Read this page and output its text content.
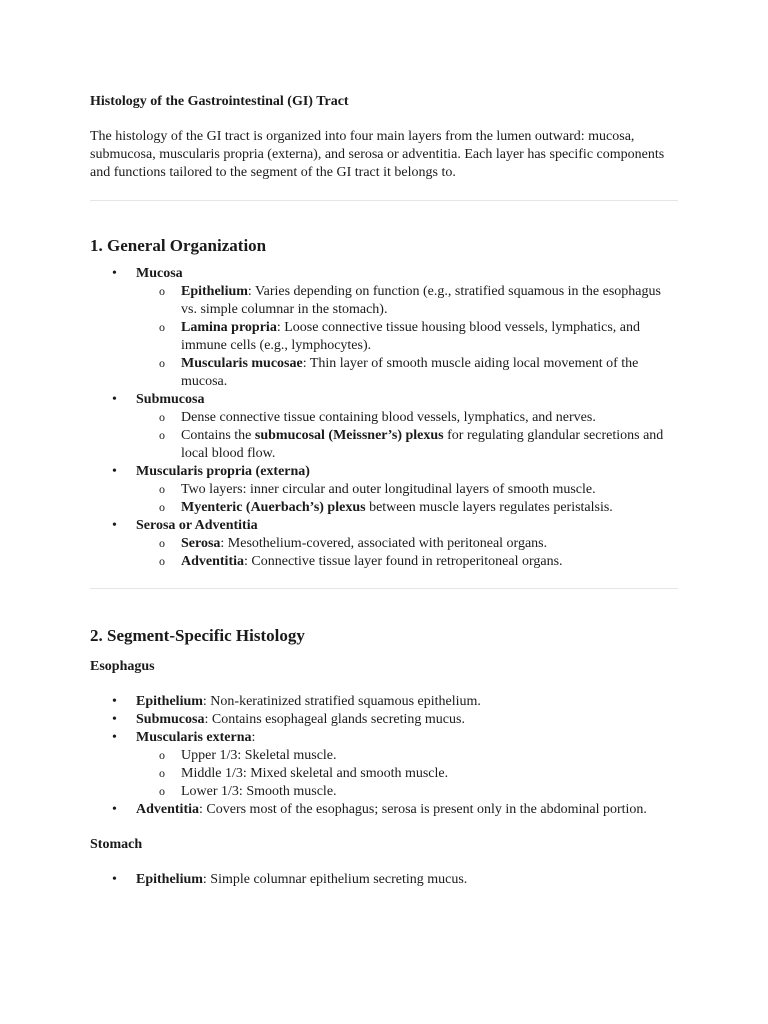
Histology of the Gastrointestinal (GI) Tract

The histology of the GI tract is organized into four main layers from the lumen outward: mucosa, submucosa, muscularis propria (externa), and serosa or adventitia. Each layer has specific components and functions tailored to the segment of the GI tract it belongs to.

1. General Organization
• Mucosa
o Epithelium: Varies depending on function (e.g., stratified squamous in the esophagus vs. simple columnar in the stomach).
o Lamina propria: Loose connective tissue housing blood vessels, lymphatics, and immune cells (e.g., lymphocytes).
o Muscularis mucosae: Thin layer of smooth muscle aiding local movement of the mucosa.
• Submucosa
o Dense connective tissue containing blood vessels, lymphatics, and nerves.
o Contains the submucosal (Meissner’s) plexus for regulating glandular secretions and local blood flow.
• Muscularis propria (externa)
o Two layers: inner circular and outer longitudinal layers of smooth muscle.
o Myenteric (Auerbach’s) plexus between muscle layers regulates peristalsis.
• Serosa or Adventitia
o Serosa: Mesothelium-covered, associated with peritoneal organs.
o Adventitia: Connective tissue layer found in retroperitoneal organs.
2. Segment-Specific Histology

Esophagus

• Epithelium: Non-keratinized stratified squamous epithelium.
• Submucosa: Contains esophageal glands secreting mucus.
• Muscularis externa:
o Upper 1/3: Skeletal muscle.
o Middle 1/3: Mixed skeletal and smooth muscle.
o Lower 1/3: Smooth muscle.
• Adventitia: Covers most of the esophagus; serosa is present only in the abdominal portion.

Stomach

• Epithelium: Simple columnar epithelium secreting mucus.
